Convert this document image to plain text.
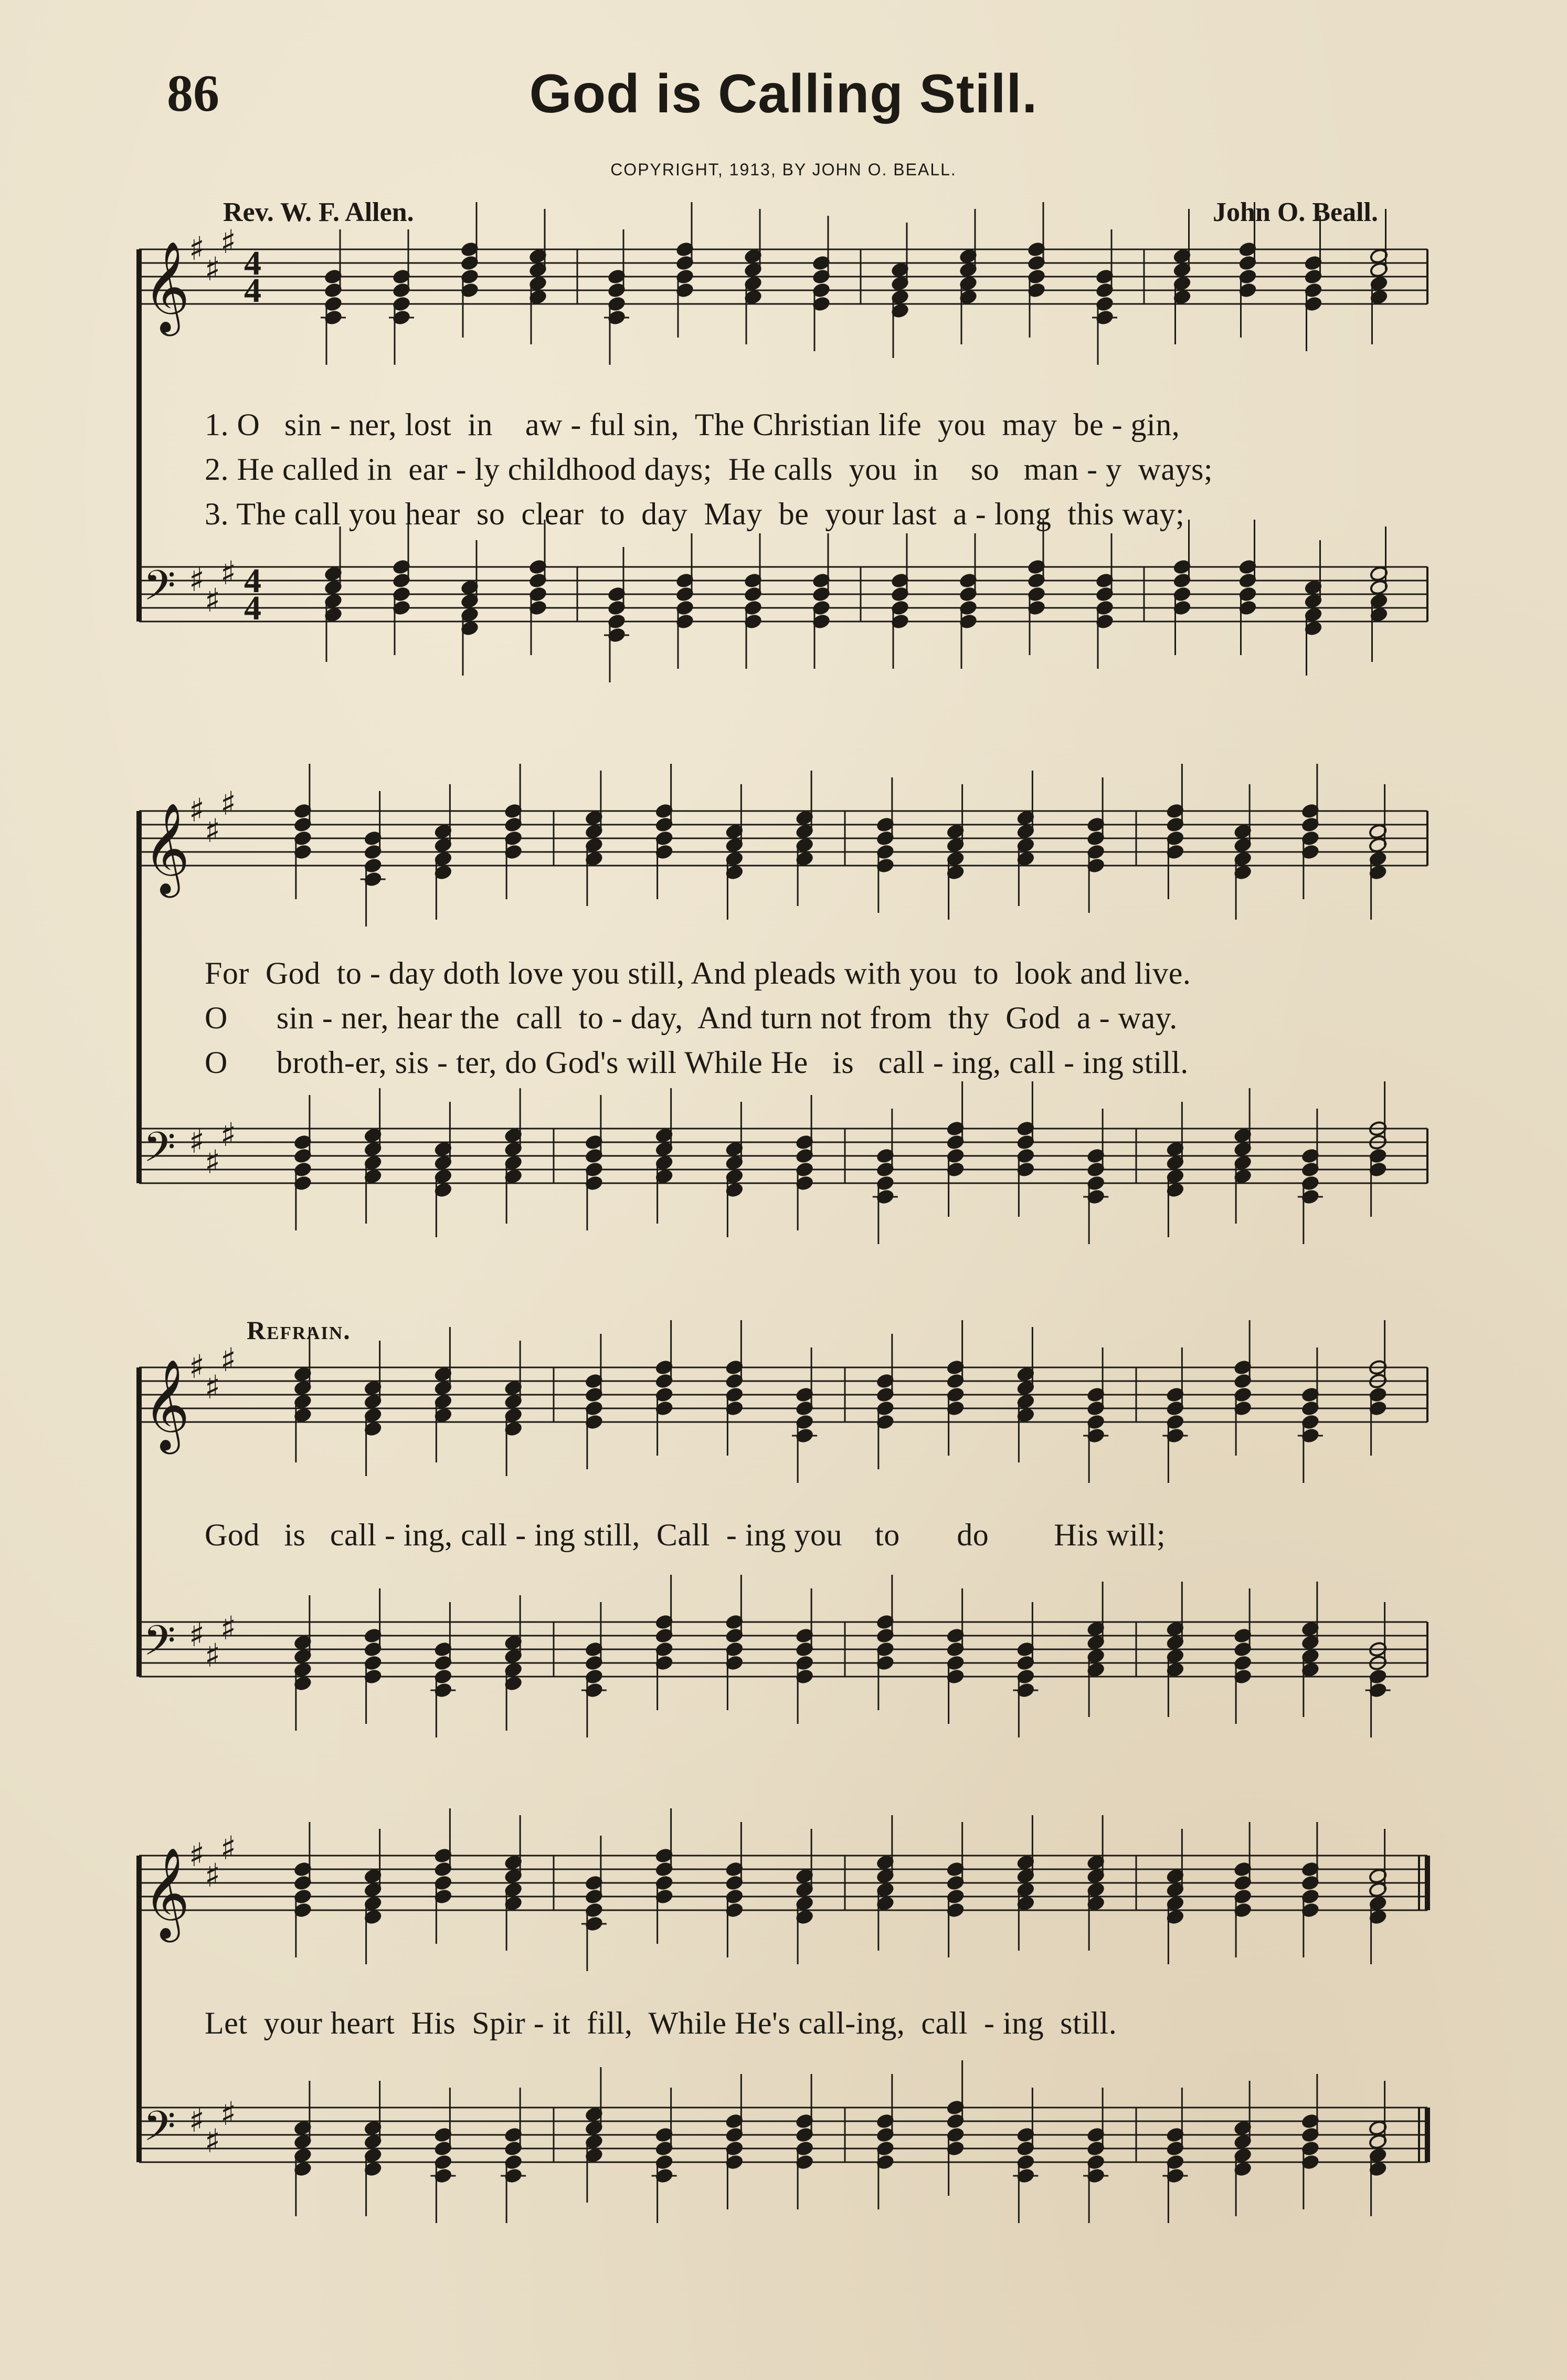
86	God is Calling Still.
COPYRIGHT, 1913, BY JOHN O. BEALL.
Rev. W. F. Allen.	John O. Beall.
Refrain.
𝄞
♯
♯
♯
4
4
𝄢 ♯
♯
♯ 4
4
𝄞
♯
♯
♯
𝄢 ♯
♯
♯
𝄞
♯
♯
♯
𝄢 ♯
♯
♯
𝄞
♯
♯
♯
𝄢 ♯
♯
♯
1. O   sin - ner, lost  in    aw - ful sin,  The Christian life  you  may  be - gin,
2. He called in  ear - ly childhood days;  He calls  you  in    so   man - y  ways;
3. The call you hear  so  clear  to  day  May  be  your last  a - long  this way;
For  God  to - day doth love you still, And pleads with you  to  look and live.
O      sin - ner, hear the  call  to - day,  And turn not from  thy  God  a - way.
O      broth-er, sis - ter, do God's will While He   is   call - ing, call - ing still.
God   is   call - ing, call - ing still,  Call  - ing you    to       do        His will;
Let  your heart  His  Spir - it  fill,  While He's call-ing,  call  - ing  still.
